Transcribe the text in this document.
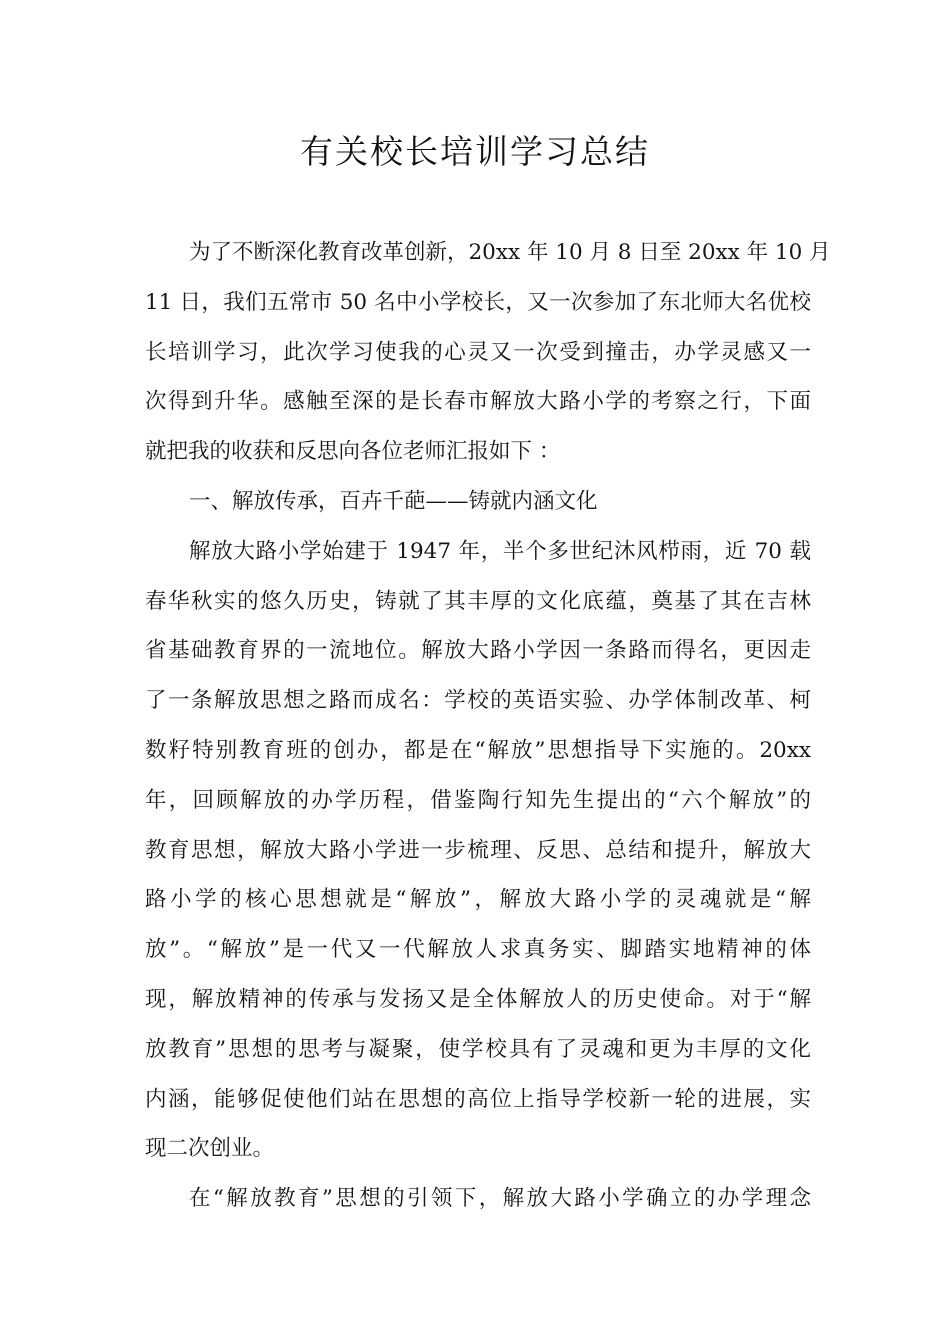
有关校长培训学习总结
为了不断深化教育改革创新，20xx 年 10 月 8 日至 20xx 年 10 月
11 日，我们五常市 50 名中小学校长，又一次参加了东北师大名优校
长培训学习，此次学习使我的心灵又一次受到撞击，办学灵感又一
次得到升华。感触至深的是长春市解放大路小学的考察之行，下面
就把我的收获和反思向各位老师汇报如下 ：
一、解放传承，百卉千葩——铸就内涵文化
解放大路小学始建于 1947 年，半个多世纪沐风栉雨，近 70 载
春华秋实的悠久历史，铸就了其丰厚的文化底蕴，奠基了其在吉林
省基础教育界的一流地位。解放大路小学因一条路而得名，更因走
了一条解放思想之路而成名：学校的英语实验、办学体制改革、柯
数籽特别教育班的创办，都是在“解放”思想指导下实施的。20xx
年，回顾解放的办学历程，借鉴陶行知先生提出的“六个解放”的
教育思想，解放大路小学进一步梳理、反思、总结和提升，解放大
路小学的核心思想就是“解放”，解放大路小学的灵魂就是“解
放”。“解放”是一代又一代解放人求真务实、脚踏实地精神的体
现，解放精神的传承与发扬又是全体解放人的历史使命。对于“解
放教育”思想的思考与凝聚，使学校具有了灵魂和更为丰厚的文化
内涵，能够促使他们站在思想的高位上指导学校新一轮的进展，实
现二次创业。
在“解放教育”思想的引领下，解放大路小学确立的办学理念
